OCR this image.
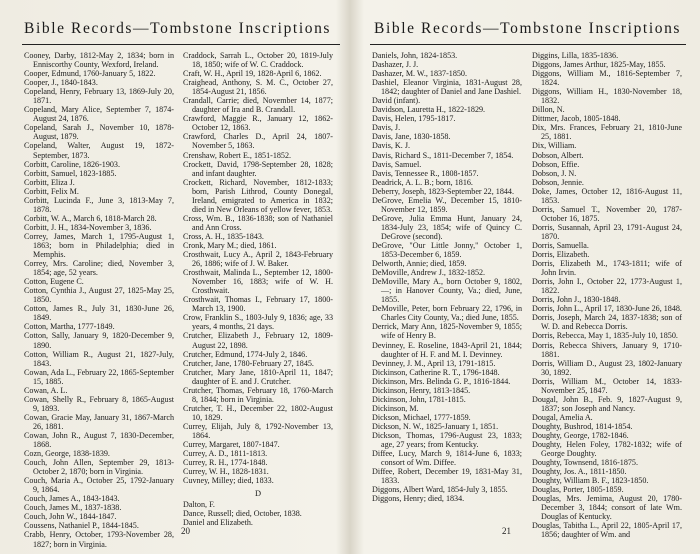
Bible Records—Tombstone Inscriptions
Cooney, Darby, 1812-May 2, 1834; born in Enniscorthy County, Wexford, Ireland.
Cooper, Edmund, 1760-January 5, 1822.
Cooper, J., 1840-1843.
Copeland, Henry, February 13, 1869-July 20, 1871.
Copeland, Mary Alice, September 7, 1874-August 24, 1876.
Copeland, Sarah J., November 10, 1878-August, 1879.
Copeland, Walter, August 19, 1872-September, 1873.
Corbitt, Caroline, 1826-1903.
Corbitt, Samuel, 1823-1885.
Corbitt, Eliza J.
Corbitt, Felix M.
Corbitt, Lucinda F., June 3, 1813-May 7, 1878.
Corbitt, W. A., March 6, 1818-March 28.
Corbitt, J. H., 1834-November 3, 1836.
Correy, James, March 1, 1795-August 1, 1863; born in Philadelphia; died in Memphis.
Correy, Mrs. Caroline; died, November 3, 1854; age, 52 years.
Cotton, Eugene C.
Cotton, Cynthia J., August 27, 1825-May 25, 1850.
Cotton, James R., July 31, 1830-June 26, 1849.
Cotton, Martha, 1777-1849.
Cotton, Sally, January 9, 1820-December 9, 1890.
Cotton, William R., August 21, 1827-July, 1843.
Cowan, Ada L., February 22, 1865-September 15, 1885.
Cowan, A. L.
Cowan, Shelly R., February 8, 1865-August 9, 1893.
Cowan, Gracie May, January 31, 1867-March 26, 1881.
Cowan, John R., August 7, 1830-December, 1868.
Cozn, George, 1838-1839.
Couch, John Allen, September 29, 1813-October 2, 1870; born in Virginia.
Couch, Maria A., October 25, 1792-January 9, 1864.
Couch, James A., 1843-1843.
Couch, James M., 1837-1838.
Couch, John W., 1844-1847.
Coussens, Nathaniel P., 1844-1845.
Crabb, Henry, October, 1793-November 28, 1827; born in Virginia.
Craddock, Sarrah L., October 20, 1819-July 18, 1850; wife of W. C. Craddock.
Craft, W. H., April 19, 1828-April 6, 1862.
Craighead, Anthony, S. M. C., October 27, 1854-August 21, 1856.
Crandall, Carrie; died, November 14, 1877; daughter of Ira and B. Crandall.
Crawford, Maggie R., January 12, 1862-October 12, 1863.
Crawford, Charles D., April 24, 1807-November 5, 1863.
Crenshaw, Robert E., 1851-1852.
Crockett, David, 1798-September 28, 1828; and infant daughter.
Crockett, Richard, November, 1812-1833; born, Parish Lithrod, County Donegal, Ireland, emigrated to America in 1832; died in New Orleans of yellow fever, 1853.
Cross, Wm. B., 1836-1838; son of Nathaniel and Ann Cross.
Cross, A. H., 1835-1843.
Cronk, Mary M.; died, 1861.
Crosthwait, Lucy A., April 2, 1843-February 26, 1886; wife of J. W. Baker.
Crosthwait, Malinda L., September 12, 1800-November 16, 1883; wife of W. H. Crosthwait.
Crosthwait, Thomas I., February 17, 1800-March 13, 1900.
Crow, Franklin S., 1803-July 9, 1836; age, 33 years, 4 months, 21 days.
Crutcher, Elizabeth J., February 12, 1809-August 22, 1898.
Crutcher, Edmund, 1774-July 2, 1846.
Crutcher, Jane, 1780-February 27, 1845.
Crutcher, Mary Jane, 1810-April 11, 1847; daughter of E. and J. Crutcher.
Crutcher, Thomas, February 18, 1760-March 8, 1844; born in Virginia.
Crutcher, T. H., December 22, 1802-August 10, 1829.
Currey, Elijah, July 8, 1792-November 13, 1864.
Currey, Margaret, 1807-1847.
Currey, A. D., 1811-1813.
Currey, R. H., 1774-1848.
Currey, W. H., 1828-1831.
Cuvney, Milley; died, 1833.
D
Dalton, F.
Dance, Russell; died, October, 1838.
Daniel and Elizabeth.
20
Bible Records—Tombstone Inscriptions
Daniels, John, 1824-1853.
Dashazer, J. J.
Dashazer, M. W., 1837-1850.
Dashiel, Eleanor Virginia, 1831-August 28, 1842; daughter of Daniel and Jane Dashiel.
David (infant).
Davidson, Lauretta H., 1822-1829.
Davis, Helen, 1795-1817.
Davis, J.
Davis, Jane, 1830-1858.
Davis, K. J.
Davis, Richard S., 1811-December 7, 1854.
Davis, Samuel.
Davis, Tennessee R., 1808-1857.
Deadrick, A. L. B.; born, 1816.
Deberry, Joseph, 1823-September 22, 1844.
DeGrove, Emelia W., December 15, 1810-November 12, 1859.
DeGrove, Julia Emma Hunt, January 24, 1834-July 23, 1854; wife of Quincy C. DeGrove (second).
DeGrove, "Our Little Jonny," October 1, 1853-December 6, 1859.
Delworth, Annie; died, 1859.
DeMoville, Andrew J., 1832-1852.
DeMoville, Mary A., born October 9, 1802, —; in Hanover County, Va.; died, June, 1855.
DeMoville, Peter, born February 22, 1796, in Charles City County, Va.; died June, 1855.
Derrick, Mary Ann, 1825-November 9, 1855; wife of Henry B.
Devinney, E. Roseline, 1843-April 21, 1844; daughter of H. F. and M. I. Devinney.
Devinney, J. M., April 13, 1791-1815.
Dickinson, Catherine R. T., 1796-1848.
Dickinson, Mrs. Belinda G. P., 1816-1844.
Dickinson, Henry, 1813-1845.
Dickinson, John, 1781-1815.
Dickinson, M.
Dickson, Michael, 1777-1859.
Dickson, N. W., 1825-January 1, 1851.
Dickson, Thomas, 1796-August 23, 1833; age, 27 years; from Kentucky.
Diffee, Lucy, March 9, 1814-June 6, 1833; consort of Wm. Diffee.
Diffee, Robert, December 19, 1831-May 31, 1833.
Diggons, Albert Ward, 1854-July 3, 1855.
Diggons, Henry; died, 1834.
Diggins, Lilla, 1835-1836.
Diggons, James Arthur, 1825-May, 1855.
Diggons, William M., 1816-September 7, 1824.
Diggons, William H., 1830-November 18, 1832.
Dillon, N.
Dittmer, Jacob, 1805-1848.
Dix, Mrs. Frances, February 21, 1810-June 25, 1881.
Dix, William.
Dobson, Albert.
Dobson, Effie.
Dobson, J. N.
Dobson, Jennie.
Doke, James, October 12, 1816-August 11, 1853.
Dorris, Samuel T., November 20, 1787-October 16, 1875.
Dorris, Susannah, April 23, 1791-August 24, 1870.
Dorris, Samuella.
Dorris, Elizabeth.
Dorris, Elizabeth M., 1743-1811; wife of John Irvin.
Dorris, John I., October 22, 1773-August 1, 1822.
Dorris, John J., 1830-1848.
Dorris, John L., April 17, 1830-June 26, 1848.
Dorris, Joseph, March 24, 1837-1838; son of W. D. and Rebecca Dorris.
Dorris, Rebecca, May 1, 1835-July 10, 1850.
Dorris, Rebecca Shivers, January 9, 1710-1881.
Dorris, William D., August 23, 1802-January 30, 1892.
Dorris, William M., October 14, 1833-November 25, 1847.
Dougal, John B., Feb. 9, 1827-August 9, 1837; son Joseph and Nancy.
Dougal, Amelia A.
Doughty, Bushrod, 1814-1854.
Doughty, George, 1782-1846.
Doughty, Helen Foley, 1782-1832; wife of George Doughty.
Doughty, Townsend, 1816-1875.
Doughty, Jos. A., 1811-1850.
Doughty, William B. F., 1823-1850.
Douglas, Porter, 1805-1859.
Douglas, Mrs. Jemima, August 20, 1780-December 3, 1844; consort of late Wm. Douglas of Kentucky.
Douglas, Tabitha L., April 22, 1805-April 17, 1856; daughter of Wm. and
21
